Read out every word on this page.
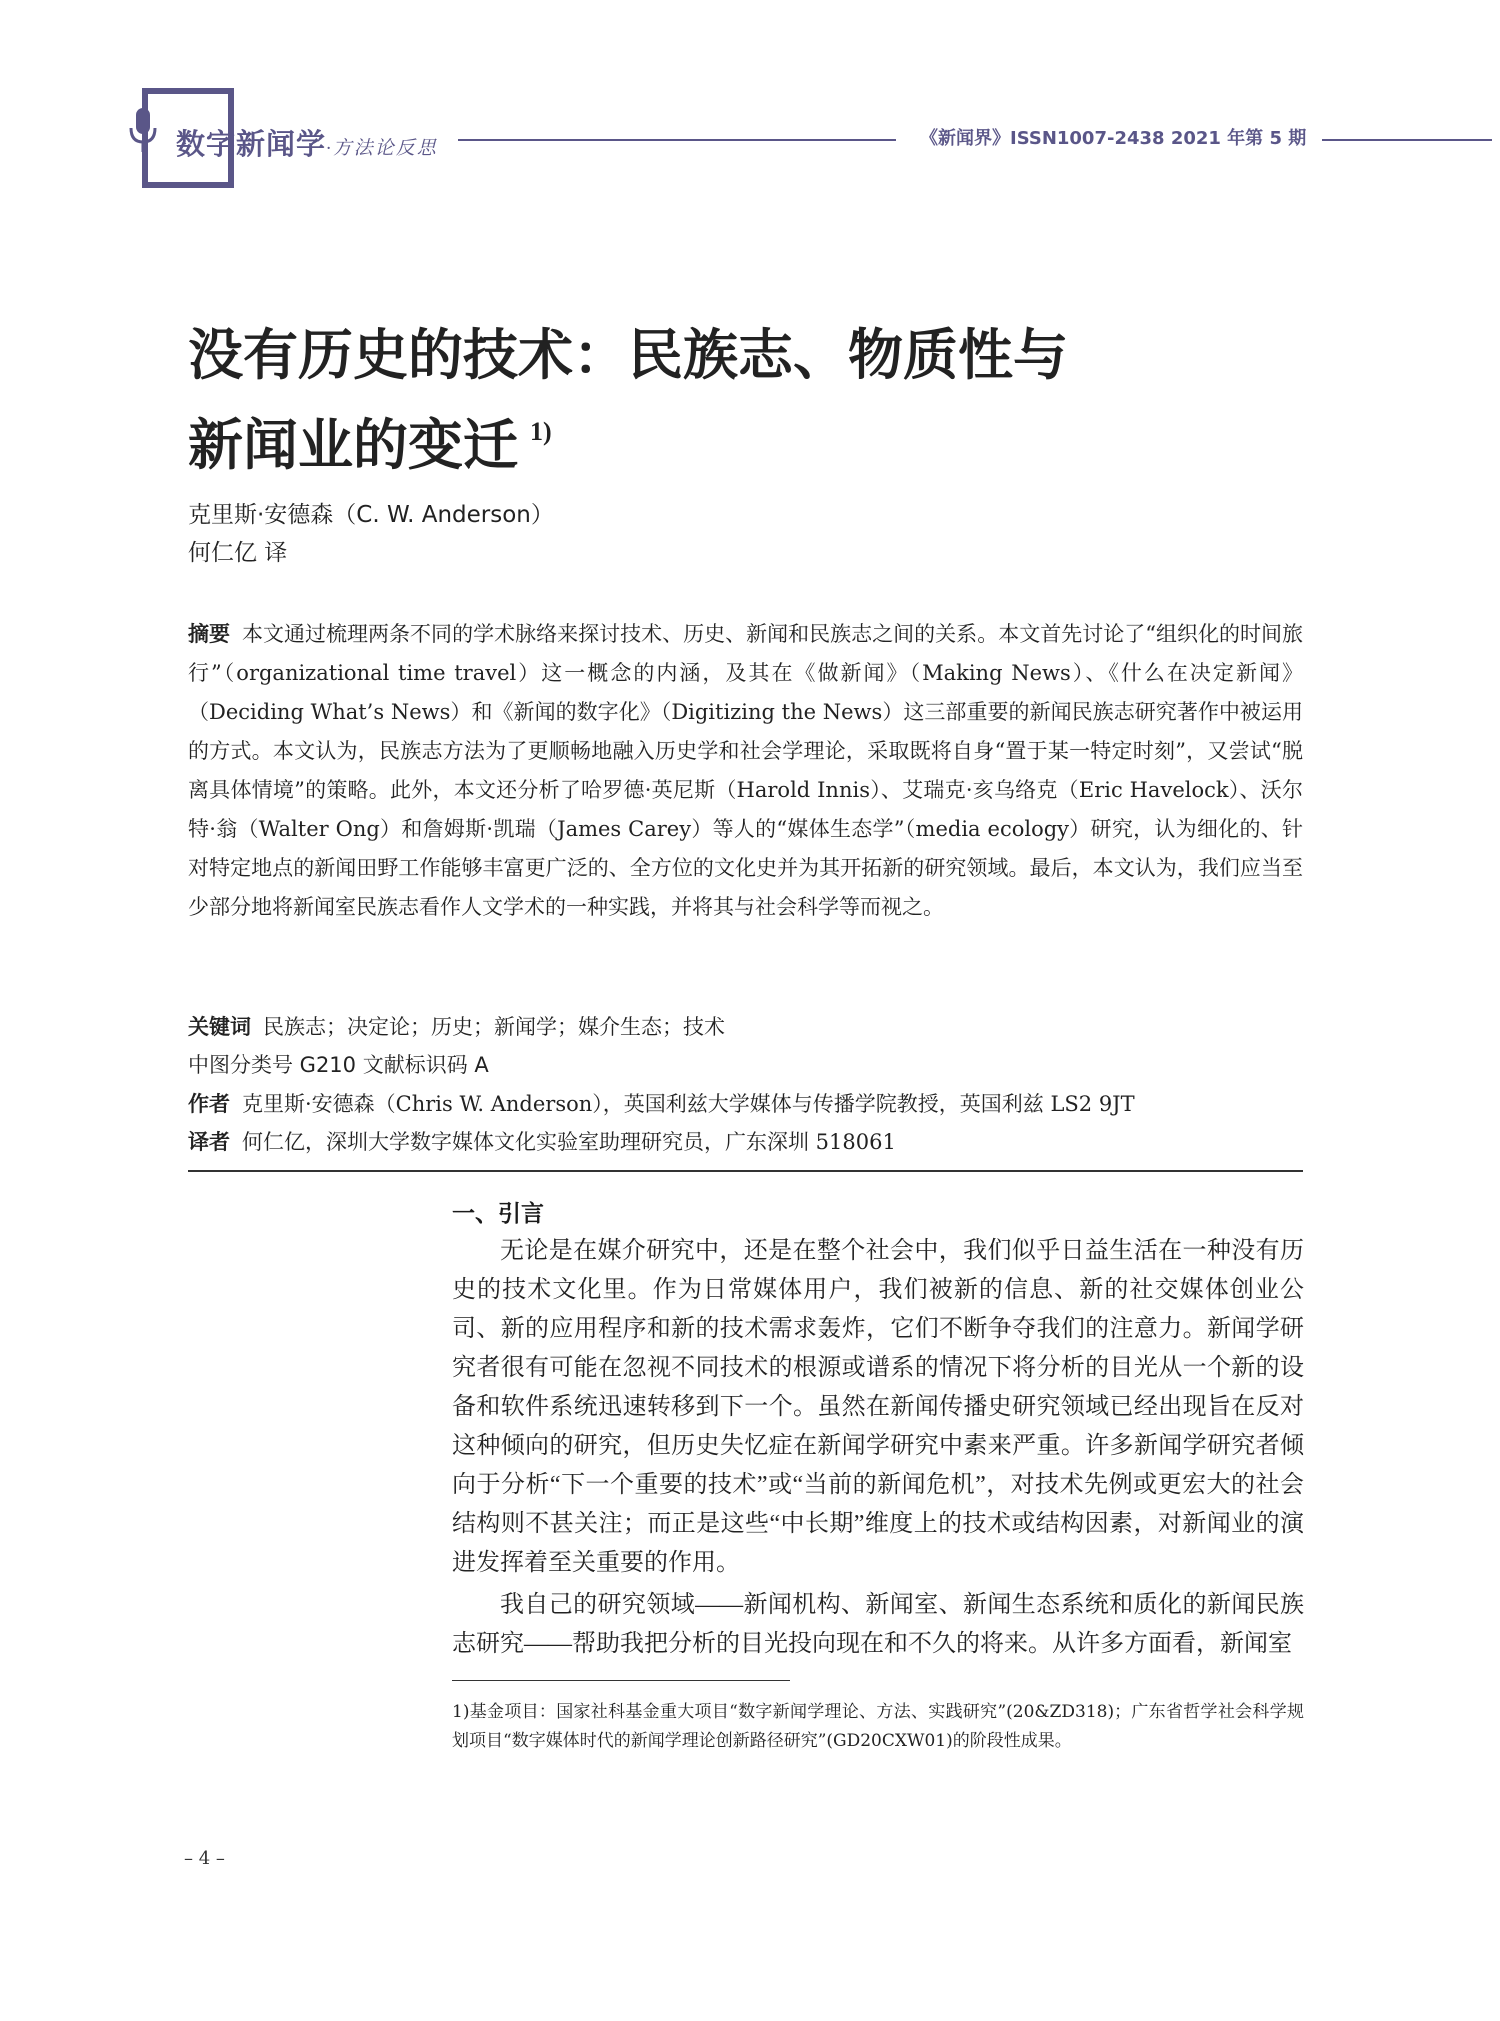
数字新闻学·方法论反思	《新闻界》ISSN1007-2438 2021 年第 5 期
没有历史的技术：民族志、物质性与
新闻业的变迁 $^{1)}$
克里斯·安德森（C. W. Anderson）
何仁亿 译
摘要 本文通过梳理两条不同的学术脉络来探讨技术、历史、新闻和民族志之间的关系。本文首先讨论了“组织化的时间旅行”（organizational time travel）这一概念的内涵，及其在《做新闻》（Making News）、《什么在决定新闻》（Deciding What’s News）和《新闻的数字化》（Digitizing the News）这三部重要的新闻民族志研究著作中被运用的方式。本文认为，民族志方法为了更顺畅地融入历史学和社会学理论，采取既将自身“置于某一特定时刻”，又尝试“脱离具体情境”的策略。此外，本文还分析了哈罗德·英尼斯（Harold Innis）、艾瑞克·亥乌络克（Eric Havelock）、沃尔特·翁（Walter Ong）和詹姆斯·凯瑞（James Carey）等人的“媒体生态学”（media ecology）研究，认为细化的、针对特定地点的新闻田野工作能够丰富更广泛的、全方位的文化史并为其开拓新的研究领域。最后，本文认为，我们应当至少部分地将新闻室民族志看作人文学术的一种实践，并将其与社会科学等而视之。
关键词 民族志；决定论；历史；新闻学；媒介生态；技术
中图分类号 G210 文献标识码 A
作者 克里斯·安德森（Chris W. Anderson），英国利兹大学媒体与传播学院教授，英国利兹 LS2 9JT
译者 何仁亿，深圳大学数字媒体文化实验室助理研究员，广东深圳 518061
一、引言

无论是在媒介研究中，还是在整个社会中，我们似乎日益生活在一种没有历史的技术文化里。作为日常媒体用户，我们被新的信息、新的社交媒体创业公司、新的应用程序和新的技术需求轰炸，它们不断争夺我们的注意力。新闻学研究者很有可能在忽视不同技术的根源或谱系的情况下将分析的目光从一个新的设备和软件系统迅速转移到下一个。虽然在新闻传播史研究领域已经出现旨在反对这种倾向的研究，但历史失忆症在新闻学研究中素来严重。许多新闻学研究者倾向于分析“下一个重要的技术”或“当前的新闻危机”，对技术先例或更宏大的社会结构则不甚关注；而正是这些“中长期”维度上的技术或结构因素，对新闻业的演进发挥着至关重要的作用。

我自己的研究领域——新闻机构、新闻室、新闻生态系统和质化的新闻民族志研究——帮助我把分析的目光投向现在和不久的将来。从许多方面看，新闻室

1)基金项目：国家社科基金重大项目“数字新闻学理论、方法、实践研究”(20&ZD318)；广东省哲学社会科学规划项目“数字媒体时代的新闻学理论创新路径研究”(GD20CXW01)的阶段性成果。
– 4 –
